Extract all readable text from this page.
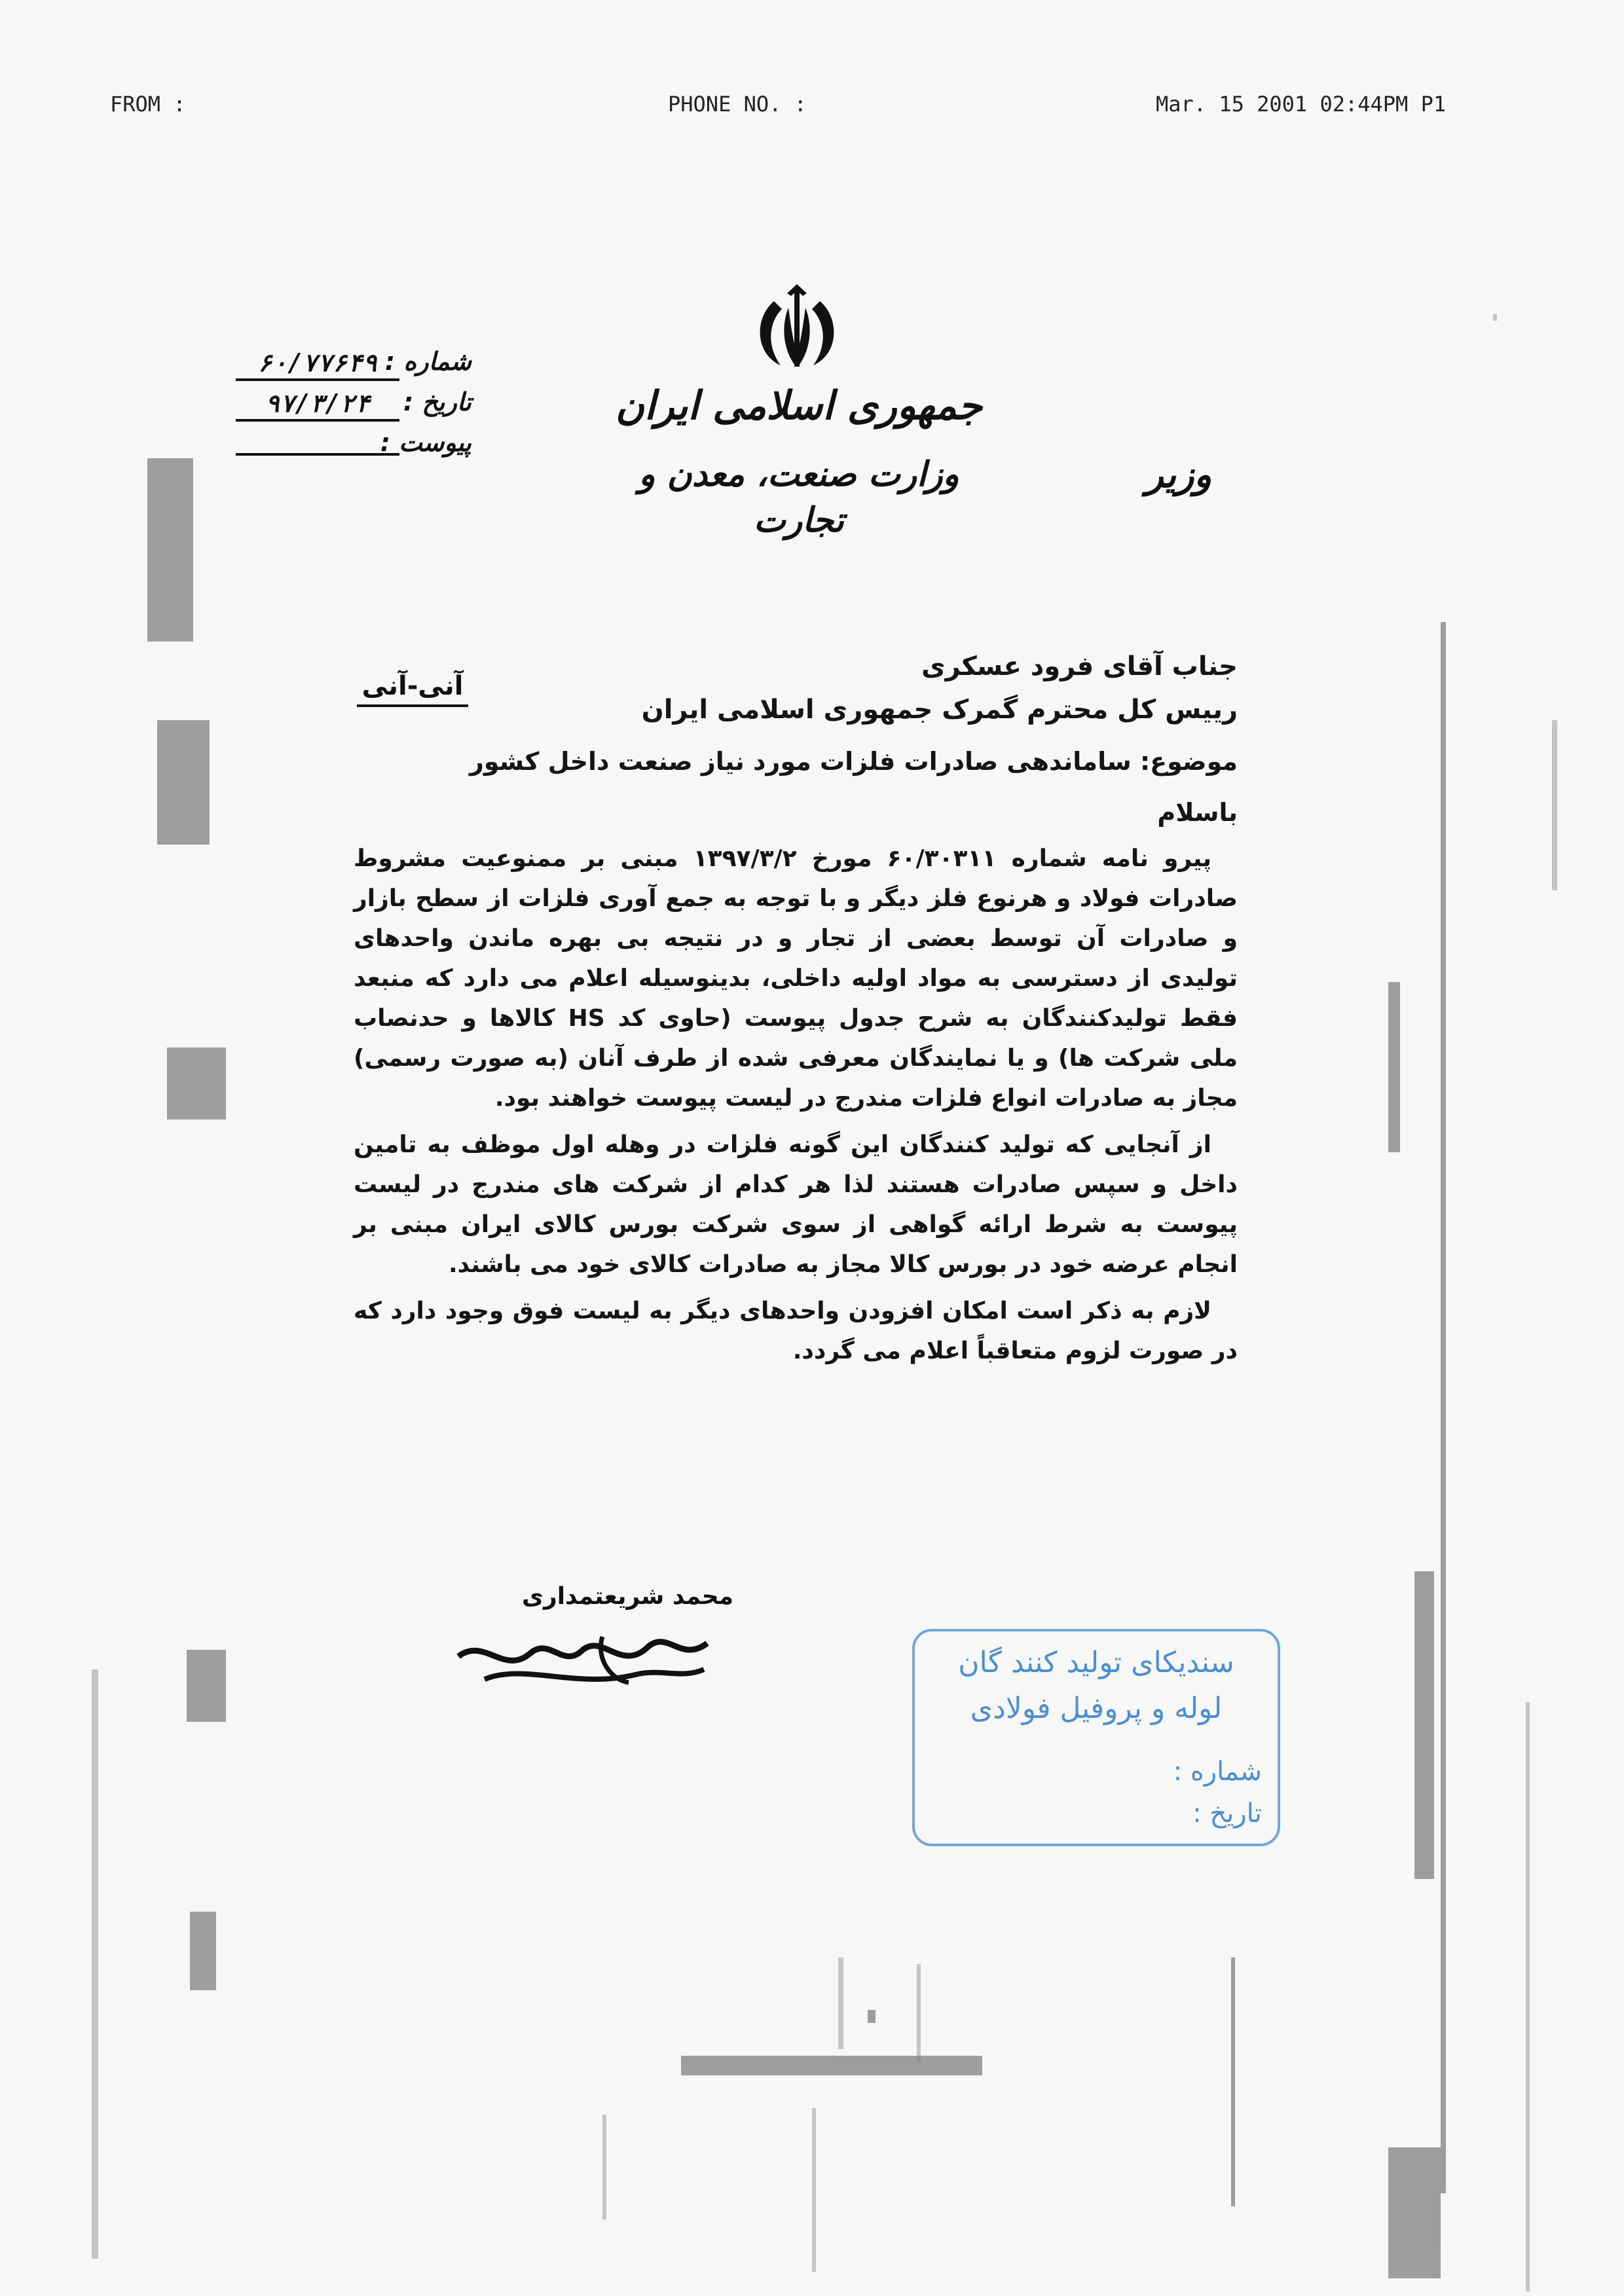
FROM :	PHONE NO. :	Mar. 15 2001 02:44PM P1
جمهوری اسلامی ایران
وزارت صنعت، معدن و تجارت
وزیر
شماره :
۶۰/۷۷۶۴۹
تاریخ :
۹۷/۳/۲۴
پیوست :
آنی-آنی

جناب آقای فرود عسکری

رییس کل محترم گمرک جمهوری اسلامی ایران

موضوع: ساماندهی صادرات فلزات مورد نیاز صنعت داخل کشور

باسلام

پیرو نامه شماره ۶۰/۳۰۳۱۱ مورخ ۱۳۹۷/۳/۲ مبنی بر ممنوعیت مشروط صادرات فولاد و هرنوع فلز دیگر و با توجه به جمع آوری فلزات از سطح بازار و صادرات آن توسط بعضی از تجار و در نتیجه بی بهره ماندن واحدهای تولیدی از دسترسی به مواد اولیه داخلی، بدینوسیله اعلام می دارد که منبعد فقط تولیدکنندگان به شرح جدول پیوست (حاوی کد HS کالاها و حدنصاب ملی شرکت ها) و یا نمایندگان معرفی شده از طرف آنان (به صورت رسمی) مجاز به صادرات انواع فلزات مندرج در لیست پیوست خواهند بود.

از آنجایی که تولید کنندگان این گونه فلزات در وهله اول موظف به تامین داخل و سپس صادرات هستند لذا هر کدام از شرکت های مندرج در لیست پیوست به شرط ارائه گواهی از سوی شرکت بورس کالای ایران مبنی بر انجام عرضه خود در بورس کالا مجاز به صادرات کالای خود می باشند.

لازم به ذکر است امکان افزودن واحدهای دیگر به لیست فوق وجود دارد که در صورت لزوم متعاقباً اعلام می گردد.

محمد شریعتمداری
سندیکای تولید کنند گان
لوله و پروفیل فولادی
شماره :
تاریخ :
